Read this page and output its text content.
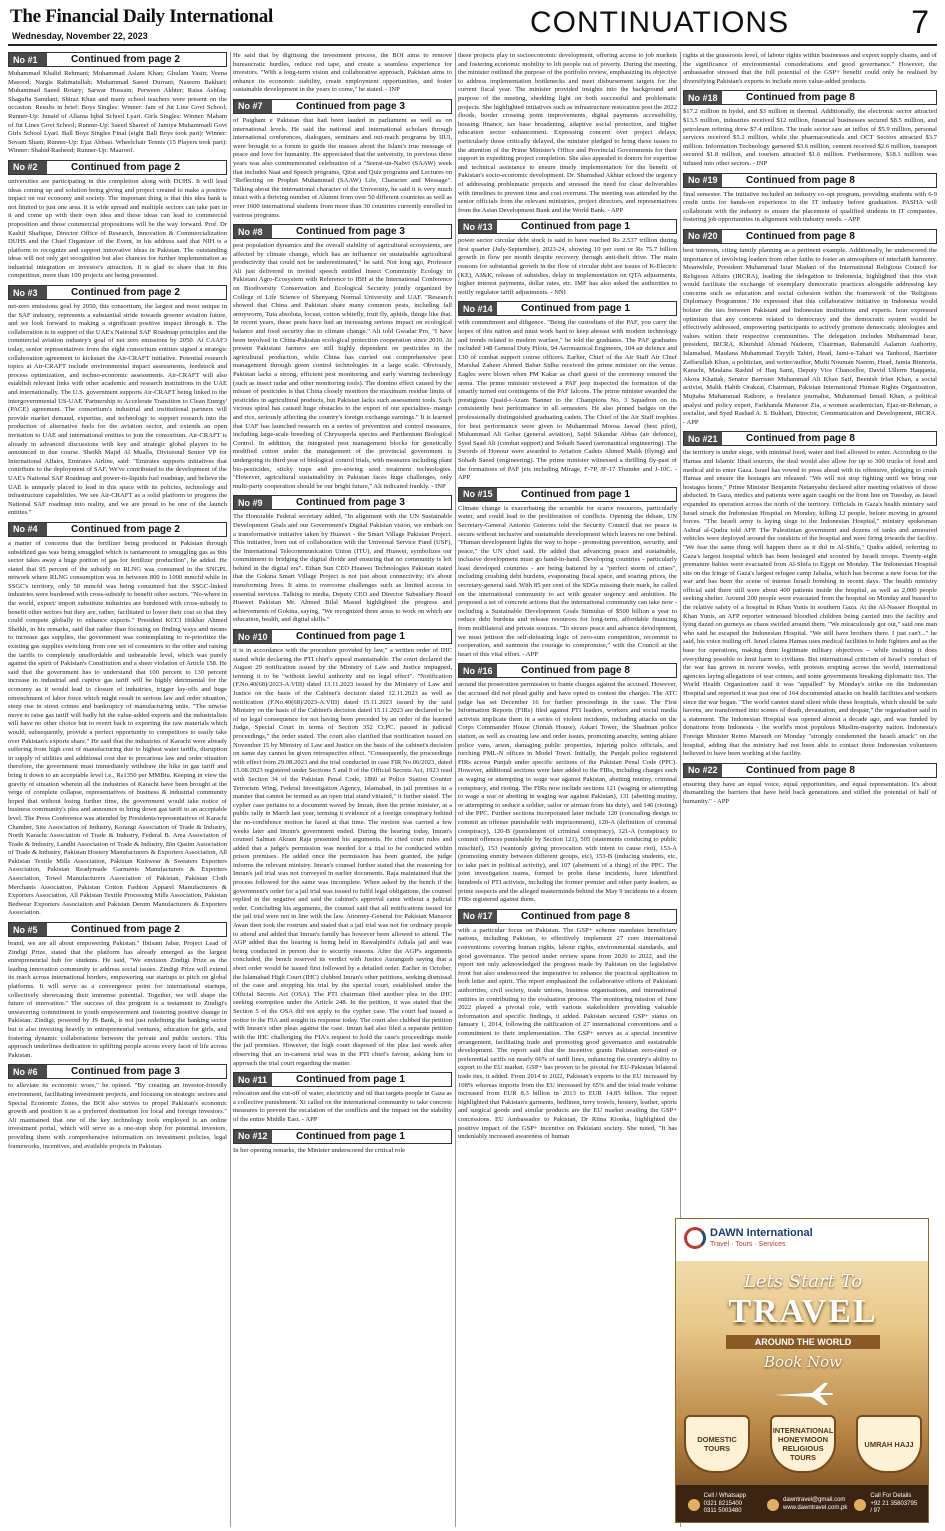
The Financial Daily International
Wednesday, November 22, 2023	CONTINUATIONS	7
No #1	Continued from page 2
Muhammad Khalid Rehmani; Muhammad Aslam Khan; Ghulam Yasin; Veena Masood; Nargis Rahmatullah; Muhammad Saeed Durrani; Naseem Bakhari; Muhammad Saeed Rotary; Sarwar Hussain; Perween Akhter; Raisa Ashfaq; Shagufta Samdani; Shiraz Khan and many school teachers were present on the occasion. Results in brief: Boys Singles: Winner: Jam of Jut Line Govt School; Runner-Up: Junaid of Allama Iqbal School Lyari. Girls Singles: Winner: Maham of Jut Lines Govt School; Runner-Up: Saeed Shareef of Jamiya Muhammadi Govt Girls School Lyari. Ball Boys Singles Final (eight Ball Boys took part): Winner: Sovam Sham; Runner-Up: Ejaz Abbasi. Wheelchair Tennis (15 Players took part): Winner: Shahid Rasheed; Runner-Up: Maaroof.
No #2	Continued from page 2
universities are participating in this completion along with DUHS. It will lead ideas coming up and solution being giving and project created to make a positive impact on our economy and society. The important thing is that this idea bank is not limited to just one area. It is wide spread and multiple sectors can take part in it and come up with their own idea and these ideas can lead to commercial proposition and those commercial propositions will be the way forward. Prof. Dr Kashif Shafique, Director Office of Research, Innovation & Commercialization DUHS and the Chief Organizer of the Event, in his address said that NIH is a platform to recognize and support innovative ideas in Pakistan. The outstanding ideas will not only get recognition but also chances for further implementation as industrial integration or investor's attraction. It is glad to share that in this competition, more than 100 projects are being presented.
No #3	Continued from page 2
net-zero emissions goal by 2050, this consortium, the largest and most unique in the SAF industry, represents a substantial stride towards greener aviation future, and we look forward to making a significant positive impact through it. The collaboration is in support of the UAE's National SAF Roadmap principles and the commercial aviation industry's goal of net zero emissions by 2050. At CAAF3 today, senior representatives from the eight consortium entities signed a strategic collaboration agreement to kickstart the Air-CRAFT initiative. Potential research topics at Air-CRAFT include environmental impact assessments, feedstock and process optimization, and techno-economic assessments. Air-CRAFT will also establish relevant links with other academic and research institutions in the UAE and internationally. The U.S. government supports Air-CRAFT being linked to the intergovernmental US-UAE 'Partnership to Accelerate Transition to Clean Energy' (PACE) agreement. The consortium's industrial and institutional partners will provide market demand, expertise, and technology to support research into the production of alternative fuels for the aviation sector, and extends an open invitation to UAE and international entities to join the consortium. Air-CRAFT is already in advanced discussions with key and strategic global players to be announced in due course. Sheikh Majid Al Mualla, Divisional Senior VP for International Affairs, Emirates Airline, said: "Emirates supports initiatives that contribute to the deployment of SAF. We've contributed to the development of the UAE's National SAF Roadmap and power-to-liquids fuel roadmap, and believe the UAE is uniquely placed to lead in this space with its policies, technology and infrastructure capabilities. We see Air-CRAFT as a solid platform to progress the National SAF roadmap into reality, and we are proud to be one of the launch entities."
No #4	Continued from page 2
a matter of concerns that the fertilizer being produced in Pakistan through subsidized gas was being smuggled which is tantamount to smuggling gas as this sector takes away a huge portion of gas for fertilizer production", he added. He stated that 95 percent of the subsidy on RLNG was consumed in the SNGPL network where RLNG consumption was in between 800 to 1000 mmcfd while in SSGC's territory, only 50 mmcfd was being consumed but the SSGC-linked industries were burdened with cross-subsidy to benefit other sectors. "No-where in the world, export/ import substitute industries are burdened with cross-subsidy to benefit other sectors but they are, rather, facilitated to lower their cost so that they could compete globally to enhance exports." President KCCI Iftikhar Ahmed Sheikh, in his remarks, said that rather than focusing on finding ways and means to increase gas supplies, the government was contemplating to re-prioritize the existing gas supplies switching from one set of consumers to the other and raising the tariffs to completely unaffordable and unbearable level, which was purely against the spirit of Pakistan's Constitution and a sheer violation of Article 158. He said that the government has to understand that 100 percent to 130 percent increase in industrial and captive gas tariff will be highly detrimental for the economy as it would lead to closure of industries, trigger lay-offs and huge retrenchment of labor force which might result in serious law and order situation, steep rise in street crimes and bankruptcy of manufacturing units. "The unwise move to raise gas tariff will badly hit the value-added exports and the industrialists will have no other choice but to revert back to exporting the raw materials which would, subsequently, provide a perfect opportunity to competitors to easily take over Pakistan's exports share." He said that the industries of Karachi were already suffering from high cost of manufacturing due to highest water tariffs, disruption in supply of utilities and additional cost due to precarious law and order situation therefore, the government must immediately withdraw the hike in gas tariff and bring it down to an acceptable level i.e., Rs1350 per MMBtu. Keeping in view the gravity of situation wherein all the industries of Karachi have been brought at the verge of complete collapse, representatives of business & industrial community hoped that without losing further time, the government would take notice of business community's plea and announce to bring down gas tariff to an acceptable level. The Press Conference was attended by Presidents/representatives of Karachi Chamber, Site Association of Industry, Korangi Association of Trade & Industry, North Karachi Association of Trade & Industry, Federal B. Area Association of Trade & Industry, Landhi Association of Trade & Industry, Bin Qasim Association of Trade & Industry, Pakistan Hosiery Manufacturers & Exporters Association, All Pakistan Textile Mills Association, Pakistan Knitwear & Sweaters Exporters Association, Pakistan Readymade Garments Manufacturers & Exporters Association, Towel Manufacturers Association of Pakistan, Pakistan Cloth Merchants Association, Pakistan Cotton Fashion Apparel Manufacturers & Exporters Association, All Pakistan Textile Processing Mills Association, Pakistan Bedwear Exporters Association and Pakistan Denim Manufacturers & Exporters Association.
No #5	Continued from page 2
brand, we are all about empowering Pakistan." Ibtisam Jabar, Project Lead of Zindigi Prize, stated that the platform has already emerged as the largest entrepreneurial hub for students. He said, "We envision Zindigi Prize as the leading innovation community to address social issues. Zindigi Prize will extend its reach across international borders, empowering our startups to pitch on global platforms. It will serve as a convergence point for international startups, collectively showcasing their immense potential. Together, we will shape the future of innovation." The success of this program is a testament to Zindigi's unwavering commitment to youth empowerment and fostering positive change in Pakistan. Zindigi, powered by JS Bank, is not just redefining the banking sector but is also investing heavily in entrepreneurial ventures, education for girls, and fostering dynamic collaborations between the private and public sectors. This approach underlines dedication to uplifting people across every facet of life across Pakistan.
No #6	Continued from page 3
to alleviate its economic woes," he opined. "By creating an investor-friendly environment, facilitating investment projects, and focusing on strategic sectors and Special Economic Zones, the BOI also strives to propel Pakistan's economic growth and position it as a preferred destination for local and foreign investors." Ali maintained that one of the key technology tools employed is an online investment portal, which will serve as a one-stop shop for potential investors, providing them with comprehensive information on investment policies, legal frameworks, incentives, and available projects in Pakistan.
He said that by digitising the investment process, the BOI aims to remove bureaucratic hurdles, reduce red tape, and create a seamless experience for investors. "With a long-term vision and collaborative approach, Pakistan aims to enhance its economic stability, create employment opportunities, and foster sustainable development in the years to come," he stated. - INP
No #7	Continued from page 3
of Paigham e Pakistan that had been lauded in parliament as well as on international levels. He said the national and international scholars through international conferences, dialogues, seminars and out-reach programs by IIUI, were brought to a forum to guide the masses about the Islam's true message of peace and love for humanity. He appreciated that the university, in previous three years was also commemorated celebration of a "Seerat-un-Nabvi (SAAW) week that includes Naat and Speech programs, Qirat and Quiz programs and Lectures on "Reflecting on Prophet Muhammad (SAAW) Life, Character and Message". Talking about the international character of the University, he said it is very much intact with a thriving number of Alumni from over 50 different countries as well as over 1600 international students from more than 30 countries currently enrolled in various programs.
No #8	Continued from page 3
pest population dynamics and the overall stability of agricultural ecosystems, are affected by climate change, which has an influence on sustainable agricultural productivity that could not be underestimated," he said. Not long ago, Professor Ali just delivered in invited speech entitled Insect Community Ecology in Pakistani Agro-Ecosystem with Reference to IBH at the International Conference on Biodiversity Conservation and Ecological Security jointly organized by College of Life Science of Shenyang Normal University and UAF. "Research showed that China and Pakistan share many common pests, including fall armyworm, Tuta absoluta, locust, cotton whitefly, fruit fly, aphids, things like that. In recent years, these pests have had an increasing serious impact on ecological balance and food security due to climate change." Ali told Gwadar Pro, "I have been involved in China-Pakistan ecological protection cooperation since 2010. At present Pakistani farmers are still highly dependent on pesticides in the agricultural production, while China has carried out comprehensive pest management through green control technologies in a large scale. Obviously, Pakistan lacks a strong, efficient pest monitoring and early warning technology (such as insect radar and other monitoring tools). The domino effect caused by the misuse of pesticides is that China closely monitors the maximum residue limits of pesticides in agricultural products, but Pakistan lacks such assessment tools. Such vicious spiral has caused huge obstacles to the export of our specialties- mango and rice, seriously affecting the country's foreign exchange earnings." It is learned that UAF has launched research on a series of prevention and control measures, including large-scale breeding of Chrysoperla species and Parthenium Biological Control. In addition, the integrated pest management blocks for genetically modified cotton under the management of the provincial government is undergoing its third year of biological control trials, with measures including plant bio-pesticides, sticky traps and pro-sowing seed treatment technologies. "However, agricultural sustainability in Pakistan faces huge challenges, only multi-party cooperation should be our bright future," Ali indicated frankly. - INP
No #9	Continued from page 3
The Honorable Federal secretary added, "In alignment with the UN Sustainable Development Goals and our Government's Digital Pakistan vision, we embark on a transformative initiative taken by Huawei - the Smart Village Pakistan Project. This initiative, born out of collaboration with the Universal Service Fund (USF), the International Telecommunication Union (ITU), and Huawei, symbolizes our commitment to bridging the digital divide and ensuring that no community is left behind in the digital era". Ethan Sun CEO Huawei Technologies Pakistan stated that the Gokina Smart Village Project is not just about connectivity; it's about transforming lives. It aims to overcome challenges such as limited access to essential services. Talking to media, Deputy CEO and Director Subsidiary Board Huawei Pakistan Mr. Ahmed Bilal Masud highlighted the progress and achievements of Gokina, saying, "We recognized three areas to work on which are education, health, and digital skills."
No #10	Continued from page 1
it is in accordance with the procedure provided by law," a written order of IHC stated while declaring the PTI chief's appeal maintainable. The court declared the August 29 notification issued by the Ministry of Law and Justice impugned, terming it to be "without lawful authority and no legal effect". "Notification (F.No.40(68)/2023-A.VIII) dated 13.11.2023 issued by the Ministry of Law and Justice on the basis of the Cabinet's decision dated 12.11.2023 as well as notification (F.No.40(68)/2023-A.VIII) dated 15.11.2023 issued by the said Ministry on the basis of the Cabinet's decision dated 15.11.2023 are declared to be of no legal consequence for not having been preceded by an order of the learned Judge, Special Court in terms of Section 352 Cr.PC. passed in judicial proceedings," the order stated. The court also clarified that notification issued on November 15 by Ministry of Law and Justice on the basis of the cabinet's decision on same day cannot be given retrospective effect. "Consequently, the proceedings with effect from 29.08.2023 and the trial conducted in case FIR No.06/2023, dated 15.08.2023 registered under Sections 5 and 9 of the Official Secrets Act, 1923 read with Section 34 of the Pakistan Penal Code, 1860 at Police Station Counter Terrorism Wing, Federal Investigation Agency, Islamabad, in jail premises in a manner that cannot be termed as an open trial stand vitiated," it further stated. The cypher case pertains to a document waved by Imran, then the prime minister, at a public rally in March last year, terming it evidence of a foreign conspiracy behind the no-confidence motion he faced at that time. The motion was carried a few weeks later and Imran's government ended. During the hearing today, Imran's counsel Salman Akram Raja presented his arguments. He cited court rules and added that a judge's permission was needed for a trial to be conducted within prison premises. He added once the permission has been granted, the judge informs the relevant ministry. Imran's counsel further stated that the reasoning for Imran's jail trial was not conveyed in earlier documents. Raja maintained that the process followed for the same was incomplete. When asked by the bench if the government's order for a jail trial was issued to fulfil legal obligations, the counsel replied in the negative and said the cabinet's approval came without a judicial order. Concluding his arguments, the counsel said that all notifications issued for the jail trial were not in line with the law. Attorney-General for Pakistan Mansoor Awan then took the rostrum and stated that a jail trial was not for ordinary people to attend and added that Imran's family has however been allowed to attend. The AGP added that the hearing is being held in Rawalpindi's Adiala jail and was being conducted in person due to security reasons. After the AGP's arguments concluded, the bench reserved its verdict with Justice Aurangzeb saying that a short order would be issued first followed by a detailed order. Earlier in October, the Islamabad High Court (IHC) clubbed Imran's other petitions, seeking dismissal of the case and stopping his trial by the special court, established under the Official Secrets Act (OSA). The PTI chairman filed another plea in the IHC seeking exemption under the Article 248. In the petition, it was stated that the Section 5 of the OSA did not apply to the cypher case. The court had issued a notice to the FIA and sought its response today. The court also clubbed the petition with Imran's other pleas against the case. Imran had also filed a separate petition with the IHC challenging the FIA's request to hold the case's proceedings inside the jail premises. However, the high court disposed of the plea last week after observing that an in-camera trial was in the PTI chief's favour, asking him to approach the trial court regarding the matter.
No #11	Continued from page 1
relocation and the cut-off of water, electricity and oil that targets people in Gaza as a collective punishment. Xi called on the international community to take concrete measures to prevent the escalation of the conflicts and the impact on the stability of the entire Middle East. - APP
No #12	Continued from page 1
In her opening remarks, the Minister underscored the critical role
these projects play in socioeconomic development, offering access to job markets and fostering economic mobility to lift people out of poverty. During the meeting, the minister outlined the purpose of the portfolio review, emphasizing its objective to address implementation bottlenecks and meet disbursement targets for the current fiscal year. The minister provided insights into the background and purpose of the meeting, shedding light on both successful and problematic projects. She highlighted initiatives such as infrastructure restoration post the 2022 floods, border crossing point improvements, digital payments accessibility, housing finance, tax base broadening, adaptive social protection, and higher education sector enhancement. Expressing concern over project delays, particularly those critically delayed, the minister pledged to bring these issues to the attention of the Prime Minister's Office and Provincial Governments for their support in expediting project completion. She also appealed to donors for expertise and technical assistance to ensure timely implementation for the benefit of Pakistan's socio-economic development. Dr. Shamshad Akhtar echoed the urgency of addressing problematic projects and stressed the need for clear deliverables with timelines to prevent time and cost overruns. The meeting was attended by the senior officials from the relevant ministries, project directors, and representatives from the Asian Development Bank and the World Bank. - APP
No #13	Continued from page 1
power sector circular debt stock is said to have reached Rs 2.537 trillion during first quarter (July-September), 2023-24, showing 10 per cent or Rs 75.7 billion growth in flow per month despite recovery through anti-theft drive. The main reasons for substantial growth in the flow of circular debt are issues of K-Electric (KE), AJ&K, release of subsidies, delay in implementation on QTA adjustments, higher interest payments, dollar rates, etc. IMF has also asked the authorities to notify regulator tariff adjustments. - NNI
No #14	Continued from page 1
with commitment and diligence. "Being the custodians of the PAF, you carry the hopes of this nation and must work hard to keep abreast with modern technology and trends related to modern warfare," he told the graduates. The PAF graduates included 148 General Duty Pilots, 94 Aeronautical Engineers, 104 air defence and 130 of combat support course officers. Earlier, Chief of the Air Staff Air Chief Marshal Zaheer Ahmed Babar Sidhu received the prime minister on the venue. Eagles were blown when PM Kakar as chief guest of the ceremony entered the arena. The prime minister reviewed a PAF jeep inspected the formation of the smartly turned out contingents of the PAF falcons. The prime minister awarded the prestigious Quaid-i-Azam Banner to the Champions No. 3 Squadron on its consistently best performance in all semesters. He also pinned badges on the professionally distinguished graduating cadets. The Chief of the Air Staff trophies for best performance were given to Muhammad Moosa Jawad (best pilot), Muhammad Ali Gohar (general aviation), Sajid Sikandar Abbas (air defence), Syed Saad Ali (combat support) and Sohaib Saeed (aeronautical engineering). The Swords of Honour were awarded to Aviation Cadets Ahmed Malik (flying) and Sohaib Saeed (engineering). The prime minister witnessed a thrilling fly-past of the formations of PAF jets including Mirage, F-7P, JF-17 Thunder and J-10C. - APP
No #15	Continued from page 1
Climate change is exacerbating the scramble for scarce resources, particularly water, and could lead to the proliferation of conflicts. Opening the debate, UN Secretary-General Antonio Guterres told the Security Council that no peace is secure without inclusive and sustainable development which leaves no one behind. "Human development lights the way to hope - promoting prevention, security, and peace," the UN chief said. He added that advancing peace and sustainable, inclusive development must go hand-in-hand. Developing countries - particularly least developed countries - are being battered by a "perfect storm of crises", including crushing debt burdens, evaporating fiscal space, and soaring prices, the secretary-general said. With 85 per cent of the SDGs missing their mark, he called on the international community to act with greater urgency and ambition. He proposed a set of concrete actions that the international community can take now - including a Sustainable Development Goals Stimulus of $500 billion a year to reduce debt burdens and release resources for long-term, affordable financing from multilateral and private sources. "To secure peace and advance development, we must jettison the self-defeating logic of zero-sum competition, recommit to cooperation, and summon the courage to compromise," with the Council at the heart of this vital effort. - APP
No #16	Continued from page 8
around the prosecution permission to frame charges against the accused. However, the accused did not plead guilty and have opted to contest the charges. The ATC judge has set December 16 for further proceedings in the case. The First Information Reports (FIRs) filed against PTI leaders, workers and social media activists implicate them in a series of violent incidents, including attacks on the Corps Commander House (Jinnah House), Askari Tower, the Shadman police station, as well as creating law and order issues, promoting anarchy, setting ablaze police vans, arson, damaging public properties, injuring police officials, and torching PML-N offices in Model Town. Initially, the Punjab police registered FIRs across Punjab under specific sections of the Pakistan Penal Code (PPC). However, additional sections were later added to the FIRs, including charges such as waging or attempting to wage war against Pakistan, abetting mutiny, criminal conspiracy, and rioting. The FIRs now include sections 121 (waging or attempting to wage a war or abetting in waging war against Pakistan), 131 (abetting mutiny, or attempting to seduce a soldier, sailor or airman from his duty), and 146 (rioting) of the PPC. Further sections incorporated later include 120 (concealing design to commit an offense punishable with imprisonment), 120-A (definition of criminal conspiracy), 120-B (punishment of criminal conspiracy), 121-A (conspiracy to commit offences punishable by Section 121), 505 (statements conducing to public mischief), 153 (wantonly giving provocation with intent to cause riot), 153-A (promoting enmity between different groups, etc), 153-B (inducing students, etc, to take part in political activity), and 107 (abetment of a thing) of the PPC. The joint investigation teams, formed to probe these incidents, have identified hundreds of PTI activists, including the former premier and other party leaders, as prime suspects and the alleged masterminds behind the May 9 incidents in a dozen FIRs registered against them.
No #17	Continued from page 8
with a particular focus on Pakistan. The GSP+ scheme mandates beneficiary nations, including Pakistan, to effectively implement 27 core international conventions covering human rights, labour rights, environmental standards, and good governance. The period under review spans from 2020 to 2022, and the report not only acknowledged the progress made by Pakistan on the legislative front but also underscored the imperative to enhance the practical application in both letter and spirit. The report emphasized the collaborative efforts of Pakistani authorities, civil society, trade unions, business organisations, and international entities in contributing to the evaluation process. The monitoring mission of June 2022 played a pivotal role, with various stakeholders providing valuable information and specific findings, it added. Pakistan secured GSP+ status on January 1, 2014, following the ratification of 27 international conventions and a commitment to their implementation. The GSP+ serves as a special incentive arrangement, facilitating trade and promoting good governance and sustainable development. The report said that the incentive grants Pakistan zero-rated or preferential tariffs on nearly 66% of tariff lines, enhancing the country's ability to export to the EU market. GSP+ has proven to be pivotal for EU-Pakistan bilateral trade ties, it added. From 2014 to 2022, Pakistan's exports to the EU increased by 108% whereas imports from the EU increased by 65% and the total trade volume increased from EUR 8.3 billion in 2013 to EUR 14.85 billion. The report highlighted that Pakistan's garments, bedlinen, terry towels, hosiery, leather, sports and surgical goods and similar products are the EU market availing the GSP+ concessions. EU Ambassador to Pakistan, Dr Riina Kionka, highlighted the positive impact of the GSP+ incentive on Pakistani society. She noted, "It has undeniably increased awareness of human
rights at the grassroots level, of labour rights within businesses and export supply chains, and of the significance of environmental considerations and good governance." However, the ambassador stressed that the full potential of the GSP+ benefit could only be realised by diversifying Pakistan's exports to include more value-added products.
No #18	Continued from page 8
$17.2 million in hydel, and $3 million in thermal. Additionally, the electronic sector attracted $13.5 million, industries received $12 million, financial businesses secured $8.5 million, and petroleum refining drew $7.4 million. The trade sector saw an influx of $5.9 million, personal services received $5.2 million, while the pharmaceuticals and OCT Sectors attracted $3.7 million. Information Technology garnered $3.6 million, cement received $2.6 million, transport secured $1.8 million, and tourism attracted $1.6 million. Furthermore, $18.1 million was infused into other sectors. - INP
No #19	Continued from page 8
final semester. The initiative included an industry co-opt program, providing students with 6-9 credit units for hands-on experience in the IT industry before graduation. PASHA will collaborate with the industry to ensure the placement of qualified students in IT companies, fostering job opportunities in alignment with industry needs. - APP
No #20	Continued from page 8
best interests, citing family planning as a pertinent example. Additionally, he underscored the importance of involving leaders from other faiths to foster an atmosphere of interfaith harmony. Meanwhile, President Muhammad Israr Madani of the International Religious Council for Religious Affairs (IRCRA), leading the delegation to Indonesia, highlighted that this visit would facilitate the exchange of exemplary democratic practices alongside addressing key concerns such as education and social cohesion within the framework of the 'Religious Diplomacy Programme.' He expressed that this collaborative initiative in Indonesia would bolster the ties between Pakistani and Indonesian institutions and experts. Israr expressed optimism that any concerns related to democracy and the democratic system would be effectively addressed, empowering participants to actively promote democratic ideologies and values within their respective communities. The delegation includes Muhammad Israr, president, IRCRA, Khurshid Ahmad Nadeem, Chairman, Rahmatulil Aalamin Authority, Islamabad, Maulana Muhammad Tayyib Tahiri, Head, Jami-e-Tahari wa Tanhood, Barrister Zaffarullah Khan, a politician, and writer/author, Mufti Nouman Naeem, Head, Jamia Binnoria, Karachi, Maulana Rashid of Haq Sami, Deputy Vice Chancellor, David Ullerm Haqqania, Akora Khattak, Senator Barrister Muhammad Ali Khan Saif, Beenish Irfan Khan, a social activist, Malik Habib Orakzai, Chairman, Pakistan International Human Rights Organization, Mujtaba Muhammad Rathore, a freelance journalist, Muhammad Ismail Khan, a political analyst and policy expert, Farkhanda Mansoor Zia, a women academician, Ejaz-ur-Rehman, a socialist, and Syed Rashad A. S. Bukhari, Director, Communication and Development, IRCRA. - APP
No #21	Continued from page 8
the territory is under siege, with minimal food, water and fuel allowed to enter. According to the Hamas and Islamic Jihad sources, the deal would also allow for up to 300 trucks of food and medical aid to enter Gaza. Israel has vowed to press ahead with its offensive, pledging to crush Hamas and ensure the hostages are released. "We will not stop fighting until we bring our hostages home," Prime Minister Benjamin Netanyahu declared after meeting relatives of those abducted. In Gaza, medics and patients were again caught on the front line on Tuesday, as Israel expanded its operation across the north of the territory. Officials in Gaza's health ministry said Israel struck the Indonesian Hospital on Monday, killing 12 people, before moving in ground forces. "The Israeli army is laying siege to the Indonesian Hospital," ministry spokesman Ashraf al-Qudra told AFP. The Palestinian government and dozens of tanks and armoured vehicles were deployed around the outskirts of the hospital and were firing towards the facility. "We fear the same thing will happen there as it did in Al-Shifa," Qudra added, referring to Gaza's largest hospital which has been besieged and scoured by Israeli troops. Twenty-eight premature babies were evacuated from Al-Shifa to Egypt on Monday. The Indonesian Hospital sits on the fringe of Gaza's largest refugee camp Jabalia, which has become a new focus for the war and has been the scene of intense Israeli bombing in recent days. The health ministry official said there still were about 400 patients inside the hospital, as well as 2,000 people seeking shelter. Around 200 people were evacuated from the hospital on Monday and bussed to the relative safety of a hospital in Khan Yunis in southern Gaza. At the Al-Nasser Hospital in Khan Yunis, an AFP reporter witnessed bloodied children being carried into the facility and lying dazed on gurneys as chaos swirled around them. "We miraculously got out," said one man who said he escaped the Indonesian Hospital. "We still have brothers there. I just can't..." he said, his voice trailing off. Israel claims Hamas uses medical facilities to hide fighters and as the base for operations, making them legitimate military objectives -- while insisting it does everything possible to limit harm to civilians. But international criticism of Israel's conduct of the war has grown in recent weeks, with protests erupting across the world, international agencies laying allegations of war crimes, and some governments breaking diplomatic ties. The World Health Organization said it was "appalled" by Monday's strike on the Indonesian Hospital and reported it was just one of 164 documented attacks on health facilities and workers since the war began. "The world cannot stand silent while these hospitals, which should be safe havens, are transformed into scenes of death, devastation, and despair," the organisation said in a statement. The Indonesian Hospital was opened almost a decade ago, and was funded by donations from Indonesia - the world's most populous Muslim-majority nation. Indonesia's Foreign Minister Retno Marsudi on Monday "strongly condemned the Israeli attack" on the hospital, adding that the ministry had not been able to contact three Indonesian volunteers believed to have been working at the facility.
No #22	Continued from page 8
ensuring they have an equal voice, equal opportunities, and equal representation. It's about dismantling the barriers that have held back generations and stifled the potential of half of humanity." - APP
DAWN International
Travel · Tours · Services
Lets Start To
TRAVEL
AROUND THE WORLD
Book Now
DOMESTIC TOURS
INTERNATIONAL HONEYMOON RELIGIOUS TOURS
UMRAH HAJJ
Cell / Whatsapp 0321 8215400 0311 5003480
dawntravel@gmail.com www.dawntravel.com.pk
Call For Details +92 21 35803795 / 97
